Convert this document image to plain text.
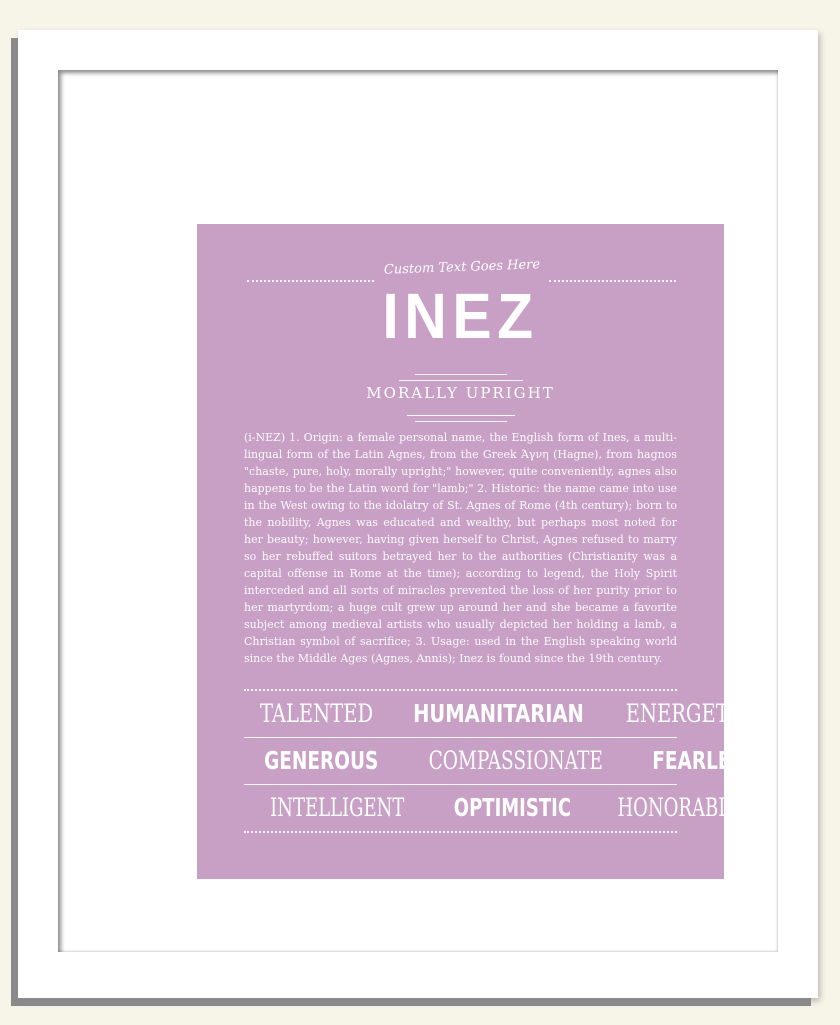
Custom Text Goes Here
INEZ
MORALLY UPRIGHT
(i-NEZ) 1. Origin: a female personal name, the English form of Ines, a multi-lingual form of the Latin Agnes, from the Greek Άγνη (Hagne), from hagnos "chaste, pure, holy, morally upright;" however, quite conveniently, agnes also happens to be the Latin word for "lamb;" 2. Historic: the name came into use in the West owing to the idolatry of St. Agnes of Rome (4th century); born to the nobility, Agnes was educated and wealthy, but perhaps most noted for her beauty; however, having given herself to Christ, Agnes refused to marry so her rebuffed suitors betrayed her to the authorities (Christianity was a capital offense in Rome at the time); according to legend, the Holy Spirit interceded and all sorts of miracles prevented the loss of her purity prior to her martyrdom; a huge cult grew up around her and she became a favorite subject among medieval artists who usually depicted her holding a lamb, a Christian symbol of sacrifice; 3. Usage: used in the English speaking world since the Middle Ages (Agnes, Annis); Inez is found since the 19th century.
TALENTED HUMANITARIAN ENERGETIC
GENEROUS COMPASSIONATE FEARLESS
INTELLIGENT OPTIMISTIC HONORABLE
